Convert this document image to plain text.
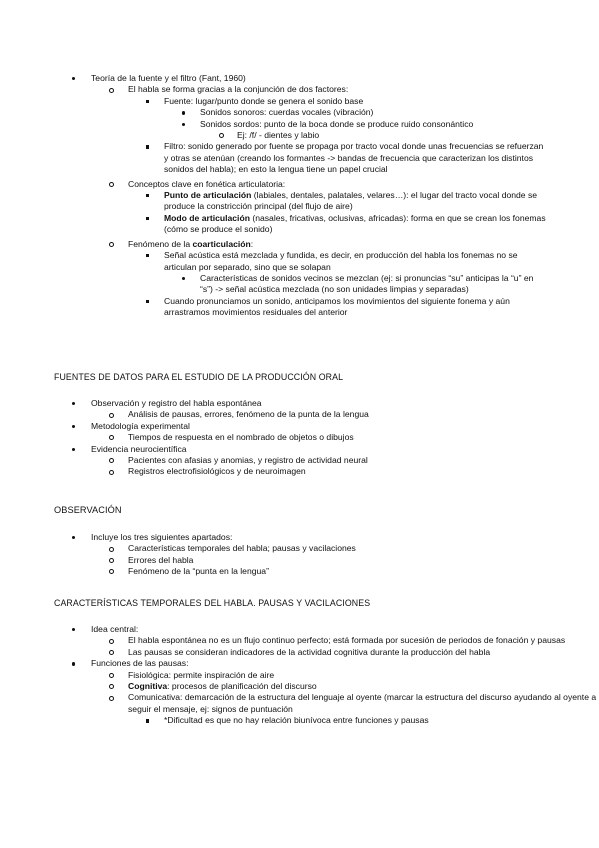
Teoría de la fuente y el filtro (Fant, 1960)
El habla se forma gracias a la conjunción de dos factores:
Fuente: lugar/punto donde se genera el sonido base
Sonidos sonoros: cuerdas vocales (vibración)
Sonidos sordos: punto de la boca donde se produce ruido consonántico
Ej: /f/ - dientes y labio
Filtro: sonido generado por fuente se propaga por tracto vocal donde unas frecuencias se refuerzan y otras se atenúan (creando los formantes -> bandas de frecuencia que caracterizan los distintos sonidos del habla); en esto la lengua tiene un papel crucial
Conceptos clave en fonética articulatoria:
Punto de articulación (labiales, dentales, palatales, velares…): el lugar del tracto vocal donde se produce la constricción principal (del flujo de aire)
Modo de articulación (nasales, fricativas, oclusivas, africadas): forma en que se crean los fonemas (cómo se produce el sonido)
Fenómeno de la coarticulación:
Señal acústica está mezclada y fundida, es decir, en producción del habla los fonemas no se articulan por separado, sino que se solapan
Características de sonidos vecinos se mezclan (ej: si pronuncias “su” anticipas la “u” en “s”) -> señal acústica mezclada (no son unidades limpias y separadas)
Cuando pronunciamos un sonido, anticipamos los movimientos del siguiente fonema y aún arrastramos movimientos residuales del anterior
FUENTES DE DATOS PARA EL ESTUDIO DE LA PRODUCCIÓN ORAL
Observación y registro del habla espontánea
Análisis de pausas, errores, fenómeno de la punta de la lengua
Metodología experimental
Tiempos de respuesta en el nombrado de objetos o dibujos
Evidencia neurocientífica
Pacientes con afasias y anomias, y registro de actividad neural
Registros electrofisiológicos y de neuroimagen
OBSERVACIÓN
Incluye los tres siguientes apartados:
Características temporales del habla; pausas y vacilaciones
Errores del habla
Fenómeno de la “punta en la lengua”
CARACTERÍSTICAS TEMPORALES DEL HABLA. PAUSAS Y VACILACIONES
Idea central:
El habla espontánea no es un flujo continuo perfecto; está formada por sucesión de periodos de fonación y pausas
Las pausas se consideran indicadores de la actividad cognitiva durante la producción del habla
Funciones de las pausas:
Fisiológica: permite inspiración de aire
Cognitiva: procesos de planificación del discurso
Comunicativa: demarcación de la estructura del lenguaje al oyente (marcar la estructura del discurso ayudando al oyente a seguir el mensaje, ej: signos de puntuación
*Dificultad es que no hay relación biunívoca entre funciones y pausas
